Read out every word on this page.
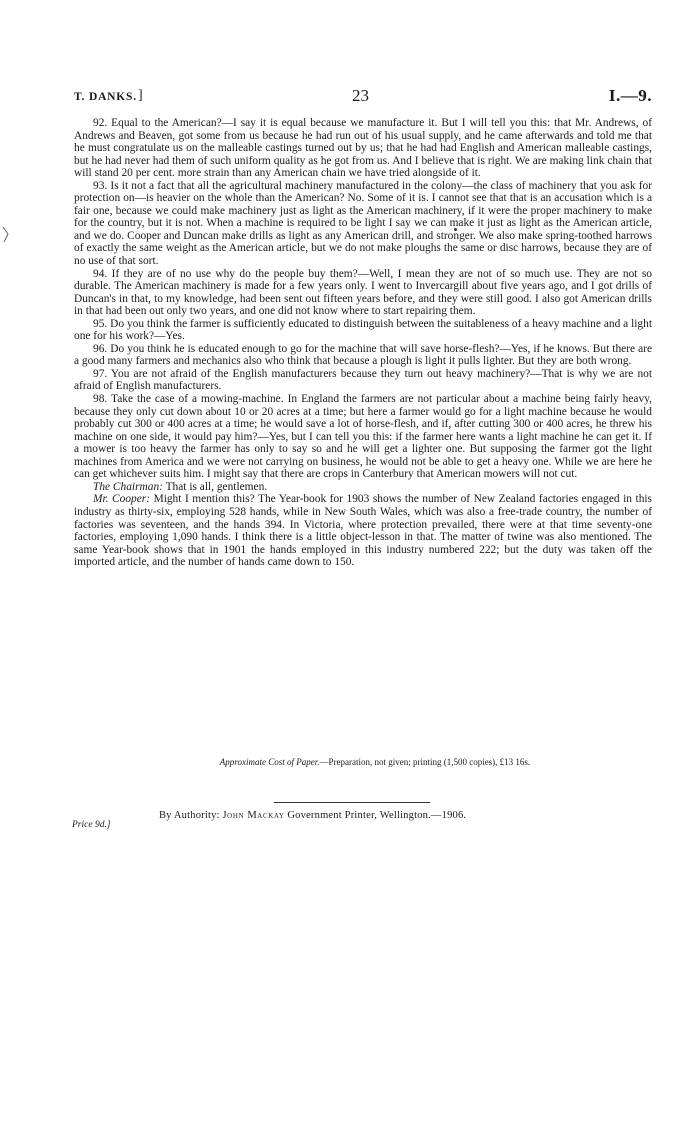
T. DANKS. ]	23	I.—9.

92. Equal to the American?—I say it is equal because we manufacture it. But I will tell you this: that Mr. Andrews, of Andrews and Beaven, got some from us because he had run out of his usual supply, and he came afterwards and told me that he must congratulate us on the malleable castings turned out by us; that he had had English and American malleable castings, but he had never had them of such uniform quality as he got from us. And I believe that is right. We are making link chain that will stand 20 per cent. more strain than any American chain we have tried alongside of it.

93. Is it not a fact that all the agricultural machinery manufactured in the colony—the class of machinery that you ask for protection on—is heavier on the whole than the American? No. Some of it is. I cannot see that that is an accusation which is a fair one, because we could make machinery just as light as the American machinery, if it were the proper machinery to make for the country, but it is not. When a machine is required to be light I say we can make it just as light as the American article, and we do. Cooper and Duncan make drills as light as any American drill, and stronger. We also make spring-toothed harrows of exactly the same weight as the American article, but we do not make ploughs the same or disc harrows, because they are of no use of that sort.

94. If they are of no use why do the people buy them?—Well, I mean they are not of so much use. They are not so durable. The American machinery is made for a few years only. I went to Invercargill about five years ago, and I got drills of Duncan's in that, to my knowledge, had been sent out fifteen years before, and they were still good. I also got American drills in that had been out only two years, and one did not know where to start repairing them.

95. Do you think the farmer is sufficiently educated to distinguish between the suitableness of a heavy machine and a light one for his work?—Yes.

96. Do you think he is educated enough to go for the machine that will save horse-flesh?—Yes, if he knows. But there are a good many farmers and mechanics also who think that because a plough is light it pulls lighter. But they are both wrong.

97. You are not afraid of the English manufacturers because they turn out heavy machinery?—That is why we are not afraid of English manufacturers.

98. Take the case of a mowing-machine. In England the farmers are not particular about a machine being fairly heavy, because they only cut down about 10 or 20 acres at a time; but here a farmer would go for a light machine because he would probably cut 300 or 400 acres at a time; he would save a lot of horse-flesh, and if, after cutting 300 or 400 acres, he threw his machine on one side, it would pay him?—Yes, but I can tell you this: if the farmer here wants a light machine he can get it. If a mower is too heavy the farmer has only to say so and he will get a lighter one. But supposing the farmer got the light machines from America and we were not carrying on business, he would not be able to get a heavy one. While we are here he can get whichever suits him. I might say that there are crops in Canterbury that American mowers will not cut.

The Chairman: That is all, gentlemen.

Mr. Cooper: Might I mention this? The Year-book for 1903 shows the number of New Zealand factories engaged in this industry as thirty-six, employing 528 hands, while in New South Wales, which was also a free-trade country, the number of factories was seventeen, and the hands 394. In Victoria, where protection prevailed, there were at that time seventy-one factories, employing 1,090 hands. I think there is a little object-lesson in that. The matter of twine was also mentioned. The same Year-book shows that in 1901 the hands employed in this industry numbered 222; but the duty was taken off the imported article, and the number of hands came down to 150.

Approximate Cost of Paper.—Preparation, not given; printing (1,500 copies), £13 16s.
Price 9d.]
By Authority: John Mackay Government Printer, Wellington.—1906.
